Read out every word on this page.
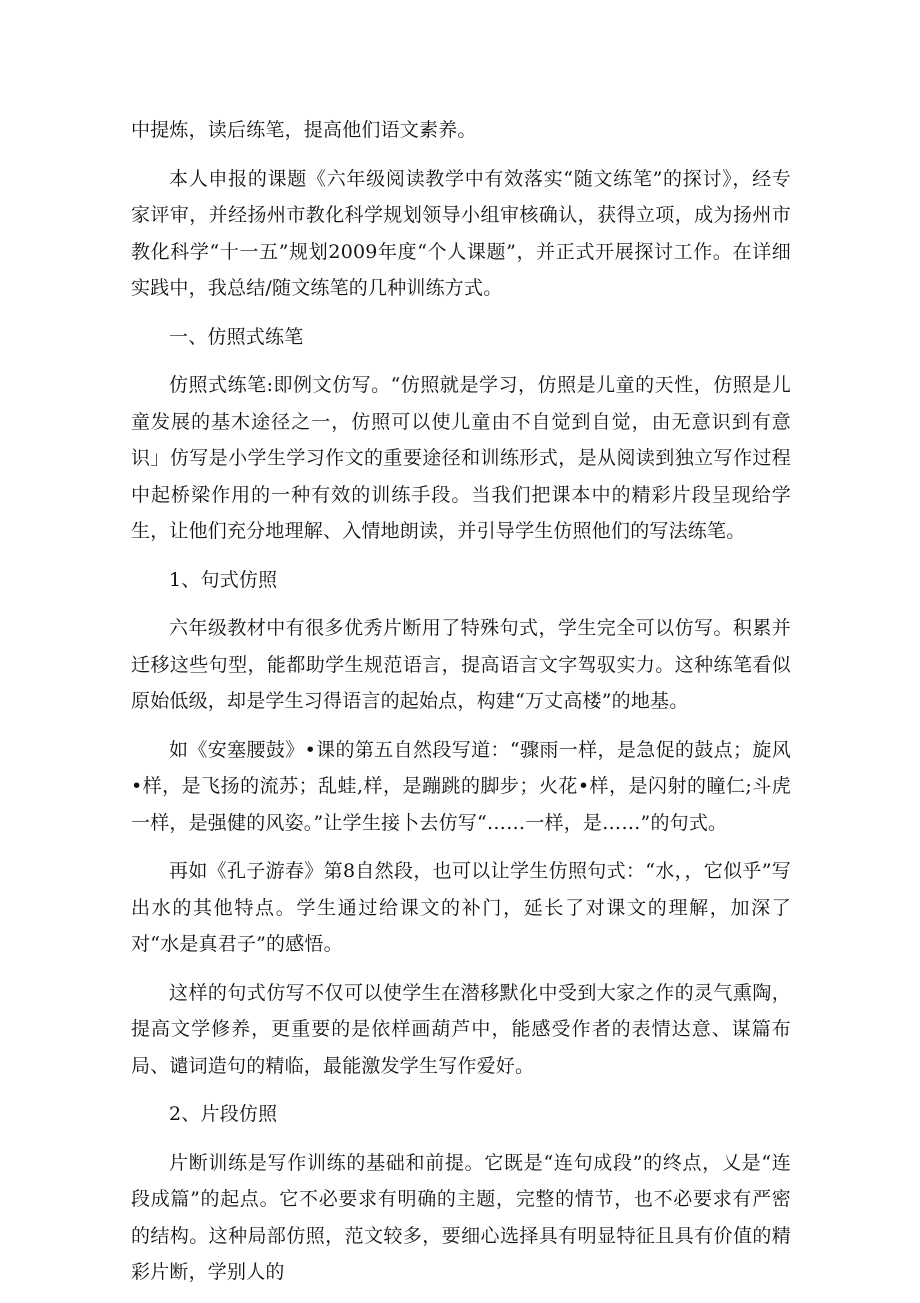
中提炼，读后练笔，提高他们语文素养。

本人申报的课题《六年级阅读教学中有效落实“随文练笔”的探讨》，经专家评审，并经扬州市教化科学规划领导小组审核确认，获得立项，成为扬州市教化科学“十一五”规划2009年度“个人课题”，并正式开展探讨工作。在详细实践中，我总结/随文练笔的几种训练方式。

一、仿照式练笔

仿照式练笔:即例文仿写。“仿照就是学习，仿照是儿童的天性，仿照是儿童发展的基木途径之一，仿照可以使儿童由不自觉到自觉，由无意识到有意识」仿写是小学生学习作文的重要途径和训练形式，是从阅读到独立写作过程中起桥梁作用的一种有效的训练手段。当我们把课本中的精彩片段呈现给学生，让他们充分地理解、入情地朗读，并引导学生仿照他们的写法练笔。

1、句式仿照

六年级教材中有很多优秀片断用了特殊句式，学生完全可以仿写。积累并迁移这些句型，能都助学生规范语言，提高语言文字驾驭实力。这种练笔看似原始低级，却是学生习得语言的起始点，构建“万丈高楼”的地基。

如《安塞腰鼓》•课的第五自然段写道：“骤雨一样，是急促的鼓点；旋风•样，是飞扬的流苏；乱蛙,样，是蹦跳的脚步；火花•样，是闪射的瞳仁;斗虎一样，是强健的风姿。”让学生接卜去仿写“……一样，是……”的句式。

再如《孔子游春》第8自然段，也可以让学生仿照句式：“水，，它似乎”写出水的其他特点。学生通过给课文的补门，延长了对课文的理解，加深了对“水是真君子”的感悟。

这样的句式仿写不仅可以使学生在潜移默化中受到大家之作的灵气熏陶，提高文学修养，更重要的是依样画葫芦中，能感受作者的表情达意、谋篇布局、谴词造句的精临，最能激发学生写作爱好。

2、片段仿照

片断训练是写作训练的基础和前提。它既是“连句成段”的终点，乂是“连段成篇”的起点。它不必要求有明确的主题，完整的情节，也不必要求有严密的结构。这种局部仿照，范文较多，要细心选择具有明显特征且具有价值的精彩片断，学别人的
